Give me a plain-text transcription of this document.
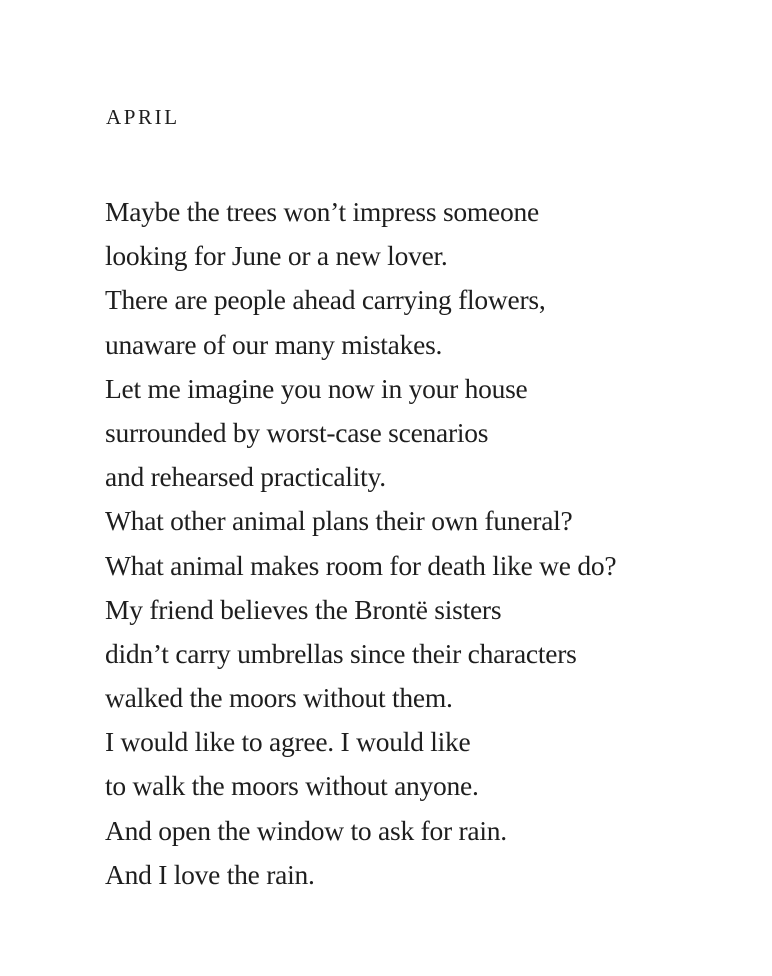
APRIL
Maybe the trees won’t impress someone
looking for June or a new lover.
There are people ahead carrying flowers,
unaware of our many mistakes.
Let me imagine you now in your house
surrounded by worst-case scenarios
and rehearsed practicality.
What other animal plans their own funeral?
What animal makes room for death like we do?
My friend believes the Brontë sisters
didn’t carry umbrellas since their characters
walked the moors without them.
I would like to agree. I would like
to walk the moors without anyone.
And open the window to ask for rain.
And I love the rain.
